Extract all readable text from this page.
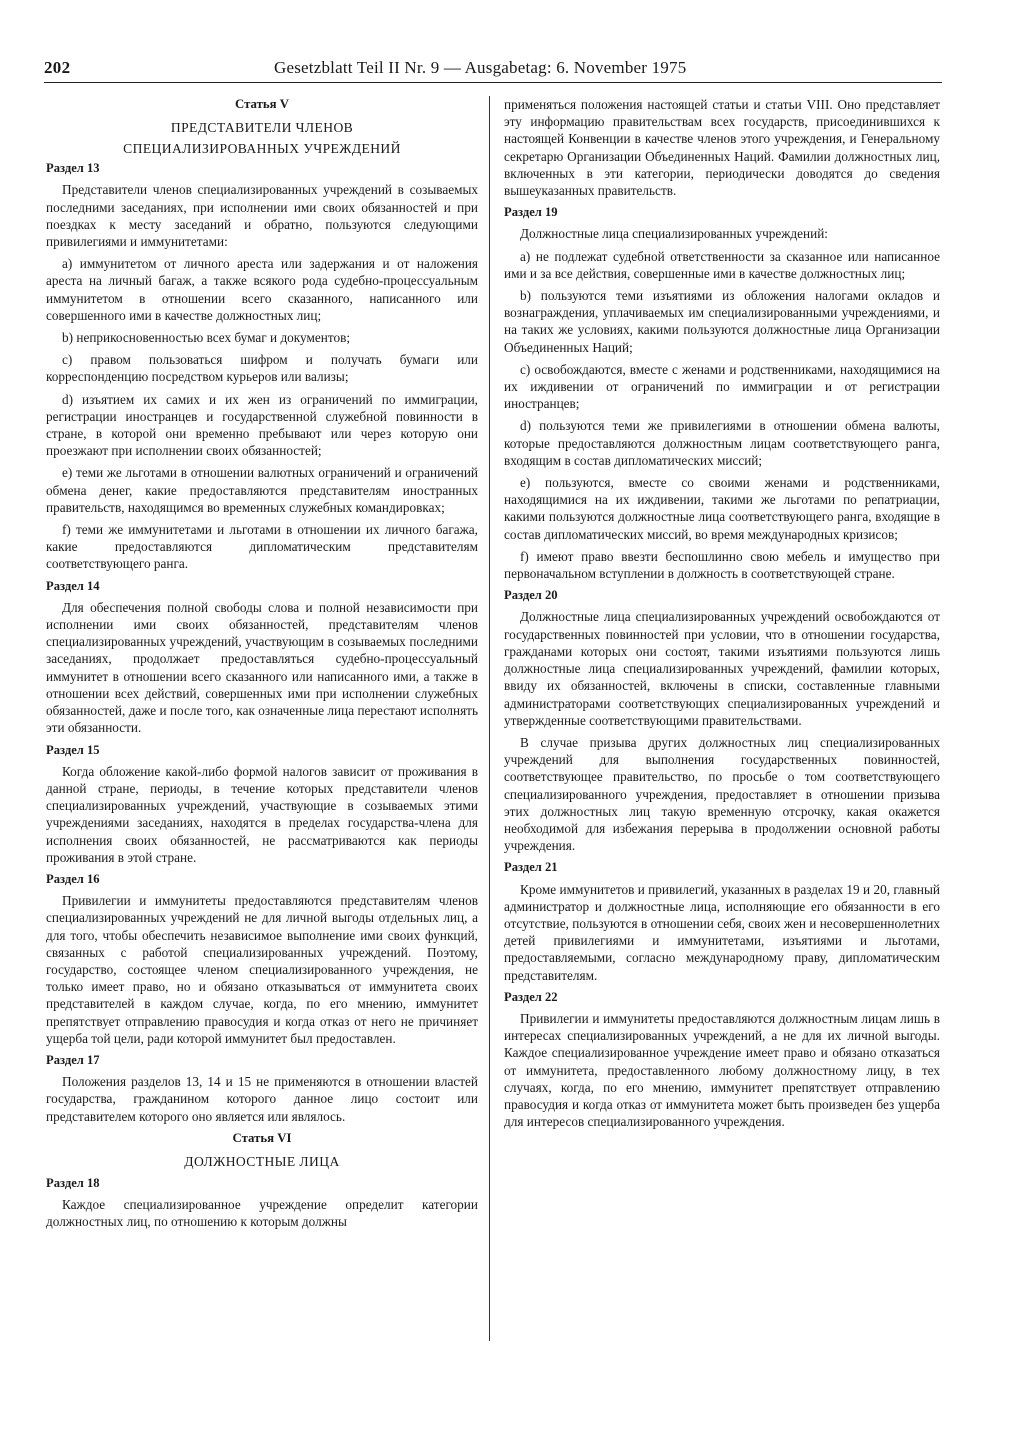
202	Gesetzblatt Teil II Nr. 9 — Ausgabetag: 6. November 1975
Статья V
ПРЕДСТАВИТЕЛИ ЧЛЕНОВ
СПЕЦИАЛИЗИРОВАННЫХ УЧРЕЖДЕНИЙ
Раздел 13

Представители членов специализированных учреждений в созываемых последними заседаниях, при исполнении ими своих обязанностей и при поездках к месту заседаний и обратно, пользуются следующими привилегиями и иммунитетами:

a) иммунитетом от личного ареста или задержания и от наложения ареста на личный багаж, а также всякого рода судебно-процессуальным иммунитетом в отношении всего сказанного, написанного или совершенного ими в качестве должностных лиц;

b) неприкосновенностью всех бумаг и документов;

c) правом пользоваться шифром и получать бумаги или корреспонденцию посредством курьеров или вализы;

d) изъятием их самих и их жен из ограничений по иммиграции, регистрации иностранцев и государственной служебной повинности в стране, в которой они временно пребывают или через которую они проезжают при исполнении своих обязанностей;

e) теми же льготами в отношении валютных ограничений и ограничений обмена денег, какие предоставляются представителям иностранных правительств, находящимся во временных служебных командировках;

f) теми же иммунитетами и льготами в отношении их личного багажа, какие предоставляются дипломатическим представителям соответствующего ранга.

Раздел 14

Для обеспечения полной свободы слова и полной независимости при исполнении ими своих обязанностей, представителям членов специализированных учреждений, участвующим в созываемых последними заседаниях, продолжает предоставляться судебно-процессуальный иммунитет в отношении всего сказанного или написанного ими, а также в отношении всех действий, совершенных ими при исполнении служебных обязанностей, даже и после того, как означенные лица перестают исполнять эти обязанности.

Раздел 15

Когда обложение какой-либо формой налогов зависит от проживания в данной стране, периоды, в течение которых представители членов специализированных учреждений, участвующие в созываемых этими учреждениями заседаниях, находятся в пределах государства-члена для исполнения своих обязанностей, не рассматриваются как периоды проживания в этой стране.

Раздел 16

Привилегии и иммунитеты предоставляются представителям членов специализированных учреждений не для личной выгоды отдельных лиц, а для того, чтобы обеспечить независимое выполнение ими своих функций, связанных с работой специализированных учреждений. Поэтому, государство, состоящее членом специализированного учреждения, не только имеет право, но и обязано отказываться от иммунитета своих представителей в каждом случае, когда, по его мнению, иммунитет препятствует отправлению правосудия и когда отказ от него не причиняет ущерба той цели, ради которой иммунитет был предоставлен.

Раздел 17

Положения разделов 13, 14 и 15 не применяются в отношении властей государства, гражданином которого данное лицо состоит или представителем которого оно является или являлось.

Статья VI
ДОЛЖНОСТНЫЕ ЛИЦА
Раздел 18

Каждое специализированное учреждение определит категории должностных лиц, по отношению к которым должны

применяться положения настоящей статьи и статьи VIII. Оно представляет эту информацию правительствам всех государств, присоединившихся к настоящей Конвенции в качестве членов этого учреждения, и Генеральному секретарю Организации Объединенных Наций. Фамилии должностных лиц, включенных в эти категории, периодически доводятся до сведения вышеуказанных правительств.

Раздел 19

Должностные лица специализированных учреждений:

a) не подлежат судебной ответственности за сказанное или написанное ими и за все действия, совершенные ими в качестве должностных лиц;

b) пользуются теми изъятиями из обложения налогами окладов и вознаграждения, уплачиваемых им специализированными учреждениями, и на таких же условиях, какими пользуются должностные лица Организации Объединенных Наций;

c) освобождаются, вместе с женами и родственниками, находящимися на их иждивении от ограничений по иммиграции и от регистрации иностранцев;

d) пользуются теми же привилегиями в отношении обмена валюты, которые предоставляются должностным лицам соответствующего ранга, входящим в состав дипломатических миссий;

e) пользуются, вместе со своими женами и родственниками, находящимися на их иждивении, такими же льготами по репатриации, какими пользуются должностные лица соответствующего ранга, входящие в состав дипломатических миссий, во время международных кризисов;

f) имеют право ввезти беспошлинно свою мебель и имущество при первоначальном вступлении в должность в соответствующей стране.

Раздел 20

Должностные лица специализированных учреждений освобождаются от государственных повинностей при условии, что в отношении государства, гражданами которых они состоят, такими изъятиями пользуются лишь должностные лица специализированных учреждений, фамилии которых, ввиду их обязанностей, включены в списки, составленные главными администраторами соответствующих специализированных учреждений и утвержденные соответствующими правительствами.

В случае призыва других должностных лиц специализированных учреждений для выполнения государственных повинностей, соответствующее правительство, по просьбе о том соответствующего специализированного учреждения, предоставляет в отношении призыва этих должностных лиц такую временную отсрочку, какая окажется необходимой для избежания перерыва в продолжении основной работы учреждения.

Раздел 21

Кроме иммунитетов и привилегий, указанных в разделах 19 и 20, главный администратор и должностные лица, исполняющие его обязанности в его отсутствие, пользуются в отношении себя, своих жен и несовершеннолетних детей привилегиями и иммунитетами, изъятиями и льготами, предоставляемыми, согласно международному праву, дипломатическим представителям.

Раздел 22

Привилегии и иммунитеты предоставляются должностным лицам лишь в интересах специализированных учреждений, а не для их личной выгоды. Каждое специализированное учреждение имеет право и обязано отказаться от иммунитета, предоставленного любому должностному лицу, в тех случаях, когда, по его мнению, иммунитет препятствует отправлению правосудия и когда отказ от иммунитета может быть произведен без ущерба для интересов специализированного учреждения.
